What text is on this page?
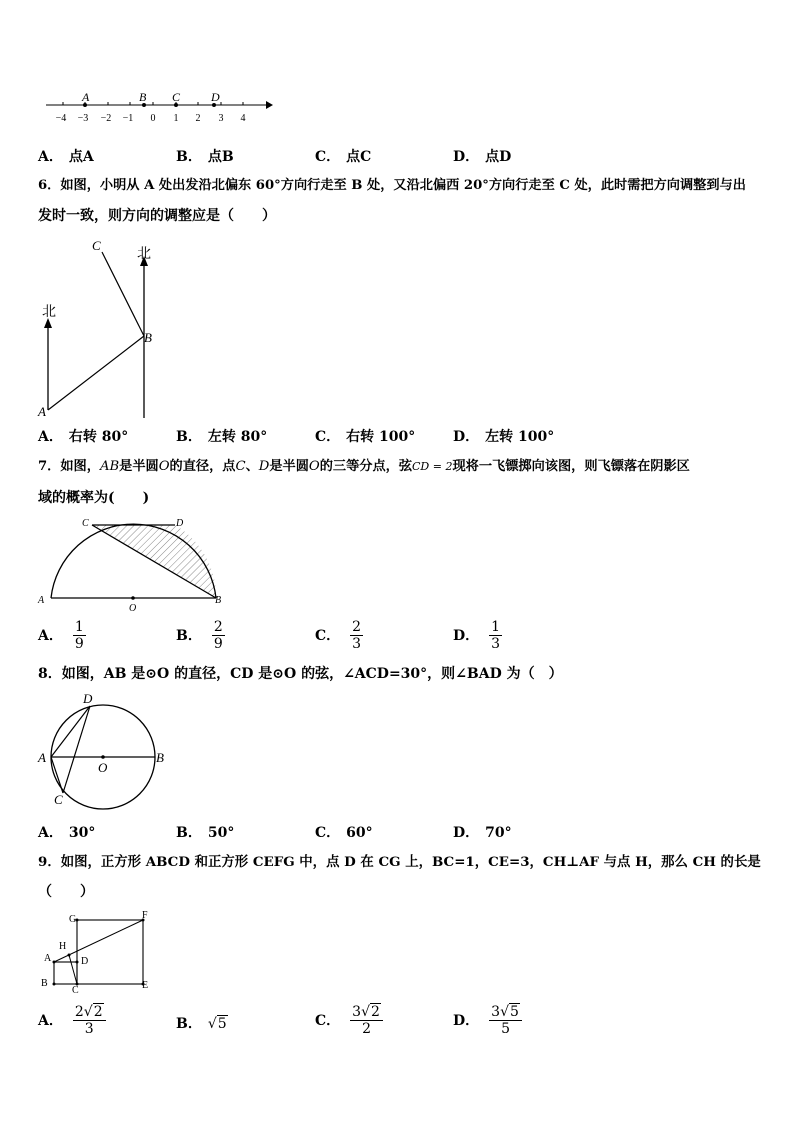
A	B C	D
−4 −3 −2 −1 0 1 2 3 4
A． 点A	B． 点B	C． 点C	D． 点D
6．如图，小明从 A 处出发沿北偏东 60°方向行走至 B 处，又沿北偏西 20°方向行走至 C 处，此时需把方向调整到与出
发时一致，则方向的调整应是（　　）
北
北
A
B
C
A． 右转 80°	B． 左转 80°	C． 右转 100°	D． 左转 100°
7．如图，AB是半圆O的直径，点C、D是半圆O的三等分点，弦CD = 2现将一飞镖掷向该图，则飞镖落在阴影区
域的概率为(　　)
A	B
C	D
O
A． $\frac{1}{9}$	B． $\frac{2}{9}$	C． $\frac{2}{3}$	D． $\frac{1}{3}$
8．如图，AB 是⊙O 的直径，CD 是⊙O 的弦，∠ACD=30°，则∠BAD 为（　）
A	B
C
D
O
A． 30°	B． 50°	C． 60°	D． 70°
9．如图，正方形 ABCD 和正方形 CEFG 中，点 D 在 CG 上，BC=1，CE=3，CH⊥AF 与点 H，那么 CH 的长是
（　　）
A
B
C
D
E
F
G
H
A． $\frac{2√2}{3}$	B． √5	C． $\frac{3√2}{2}$	D． $\frac{3√5}{5}$
